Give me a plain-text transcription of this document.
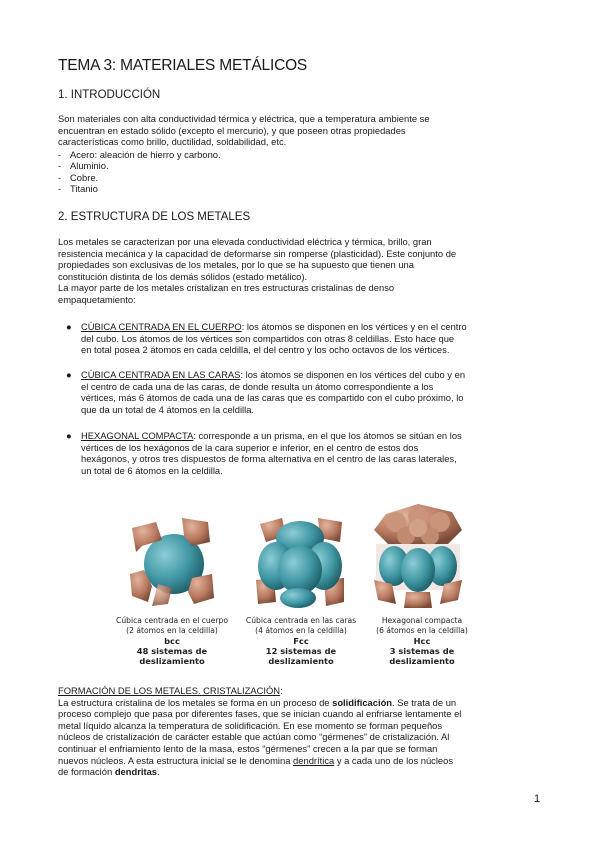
TEMA 3: MATERIALES METÁLICOS
1. INTRODUCCIÓN
Son materiales con alta conductividad térmica y eléctrica, que a temperatura ambiente se
encuentran en estado sólido (excepto el mercurio), y que poseen otras propiedades
características como brillo, ductilidad, soldabilidad, etc.
- Acero: aleación de hierro y carbono.
- Aluminio.
- Cobre.
- Titanio
2. ESTRUCTURA DE LOS METALES
Los metales se caracterizan por una elevada conductividad eléctrica y térmica, brillo, gran
resistencia mecánica y la capacidad de deformarse sin romperse (plasticidad). Este conjunto de
propiedades son exclusivas de los metales, por lo que se ha supuesto que tienen una
constitución distinta de los demás sólidos (estado metálico).
La mayor parte de los metales cristalizan en tres estructuras cristalinas de denso
empaquetamiento:
● CÚBICA CENTRADA EN EL CUERPO: los átomos se disponen en los vértices y en el centro
del cubo. Los átomos de los vértices son compartidos con otras 8 celdillas. Esto hace que
en total posea 2 átomos en cada celdilla, el del centro y los ocho octavos de los vértices.
● CÚBICA CENTRADA EN LAS CARAS: los átomos se disponen en los vértices del cubo y en
el centro de cada una de las caras, de donde resulta un átomo correspondiente a los
vértices, más 6 átomos de cada una de las caras que es compartido con el cubo próximo, lo
que da un total de 4 átomos en la celdilla.
● HEXAGONAL COMPACTA: corresponde a un prisma, en el que los átomos se sitúan en los
vértices de los hexágonos de la cara superior e inferior, en el centro de estos dos
hexágonos, y otros tres dispuestos de forma alternativa en el centro de las caras laterales,
un total de 6 átomos en la celdilla.
Cúbica centrada en el cuerpo
(2 átomos en la celdilla)
bcc
48 sistemas de
deslizamiento
Cúbica centrada en las caras
(4 átomos en la celdilla)
Fcc
12 sistemas de
deslizamiento
Hexagonal compacta
(6 átomos en la celdilla)
Hcc
3 sistemas de
deslizamiento
FORMACIÓN DE LOS METALES. CRISTALIZACIÓN:
La estructura cristalina de los metales se forma en un proceso de solidificación. Se trata de un
proceso complejo que pasa por diferentes fases, que se inician cuando al enfriarse lentamente el
metal líquido alcanza la temperatura de solidificación. En ese momento se forman pequeños
núcleos de cristalización de carácter estable que actúan como “gérmenes” de cristalización. Al
continuar el enfriamiento lento de la masa, estos “gérmenes” crecen a la par que se forman
nuevos núcleos. A esta estructura inicial se le denomina dendrítica y a cada uno de los núcleos
de formación dendritas.
1
